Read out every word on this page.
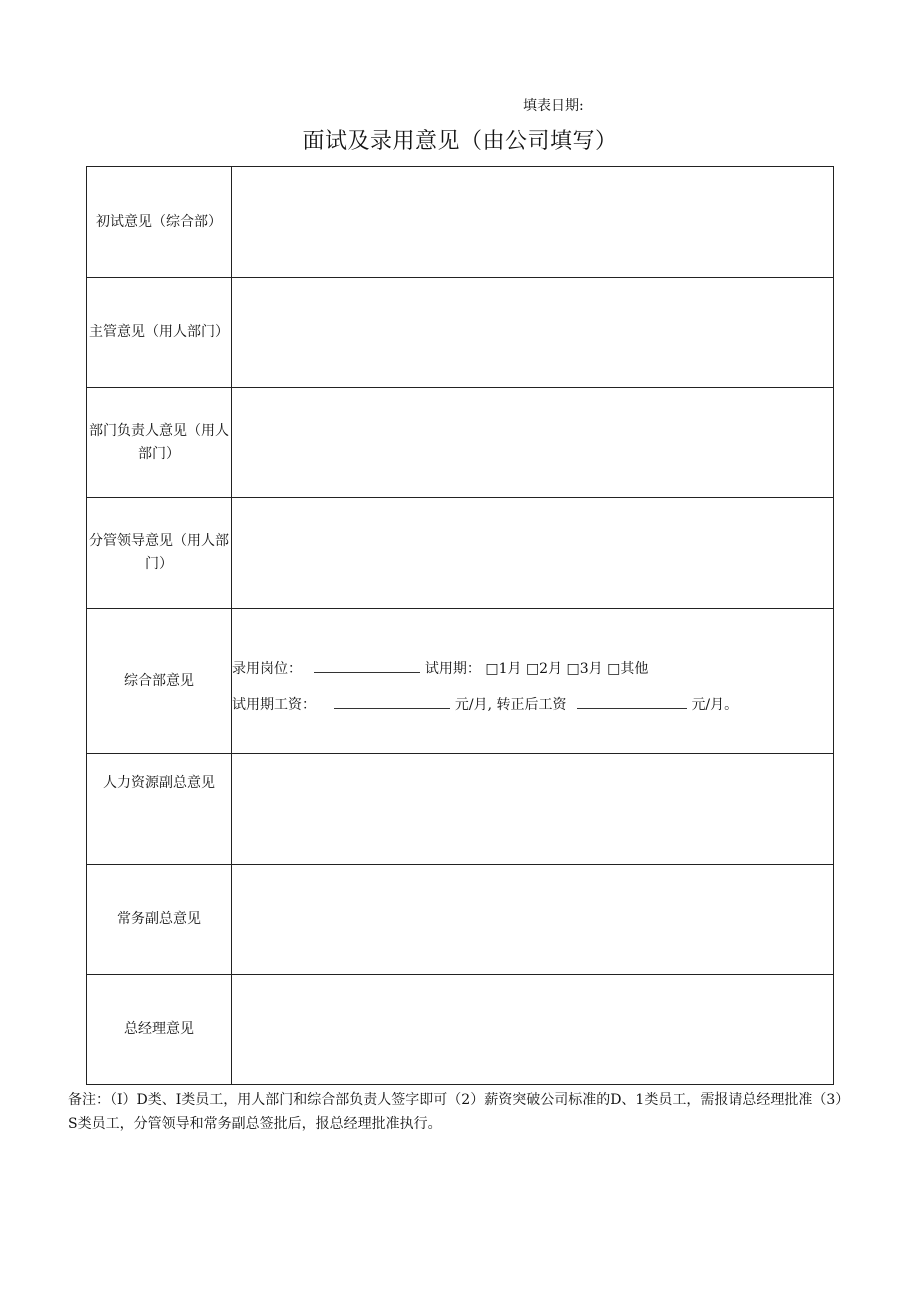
填表日期:
面试及录用意见（由公司填写）
初试意见（综合部）	
主管意见（用人部门）	
部门负责人意见（用人部门）	
分管领导意见（用人部门）	
综合部意见	录用岗位： 试用期： □1月 □2月 □3月 □其他
试用期工资： 元/月, 转正后工资 元/月。

人力资源副总意见	
常务副总意见	
总经理意见	
备注：（I）D类、I类员工，用人部门和综合部负责人签字即可（2）薪资突破公司标准的D、1类员工，需报请总经理批准（3）S类员工，分管领导和常务副总签批后，报总经理批准执行。
